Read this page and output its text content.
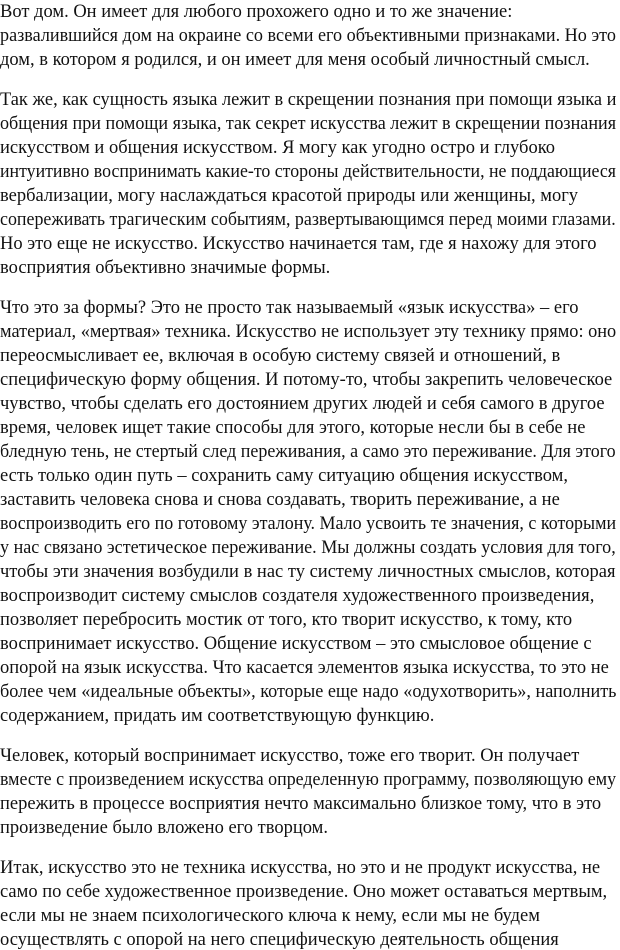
Вот дом. Он имеет для любого прохожего одно и то же значение:
развалившийся дом на окраине со всеми его объективными признаками. Но это
дом, в котором я родился, и он имеет для меня особый личностный смысл.
Так же, как сущность языка лежит в скрещении познания при помощи языка и
общения при помощи языка, так секрет искусства лежит в скрещении познания
искусством и общения искусством. Я могу как угодно остро и глубоко
интуитивно воспринимать какие-то стороны действительности, не поддающиеся
вербализации, могу наслаждаться красотой природы или женщины, могу
сопереживать трагическим событиям, развертывающимся перед моими глазами.
Но это еще не искусство. Искусство начинается там, где я нахожу для этого
восприятия объективно значимые формы.
Что это за формы? Это не просто так называемый «язык искусства» – его
материал, «мертвая» техника. Искусство не использует эту технику прямо: оно
переосмысливает ее, включая в особую систему связей и отношений, в
специфическую форму общения. И потому-то, чтобы закрепить человеческое
чувство, чтобы сделать его достоянием других людей и себя самого в другое
время, человек ищет такие способы для этого, которые несли бы в себе не
бледную тень, не стертый след переживания, а само это переживание. Для этого
есть только один путь – сохранить саму ситуацию общения искусством,
заставить человека снова и снова создавать, творить переживание, а не
воспроизводить его по готовому эталону. Мало усвоить те значения, с которыми
у нас связано эстетическое переживание. Мы должны создать условия для того,
чтобы эти значения возбудили в нас ту систему личностных смыслов, которая
воспроизводит систему смыслов создателя художественного произведения,
позволяет перебросить мостик от того, кто творит искусство, к тому, кто
воспринимает искусство. Общение искусством – это смысловое общение с
опорой на язык искусства. Что касается элементов языка искусства, то это не
более чем «идеальные объекты», которые еще надо «одухотворить», наполнить
содержанием, придать им соответствующую функцию.
Человек, который воспринимает искусство, тоже его творит. Он получает
вместе с произведением искусства определенную программу, позволяющую ему
пережить в процессе восприятия нечто максимально близкое тому, что в это
произведение было вложено его творцом.
Итак, искусство это не техника искусства, но это и не продукт искусства, не
само по себе художественное произведение. Оно может оставаться мертвым,
если мы не знаем психологического ключа к нему, если мы не будем
осуществлять с опорой на него специфическую деятельность общения
